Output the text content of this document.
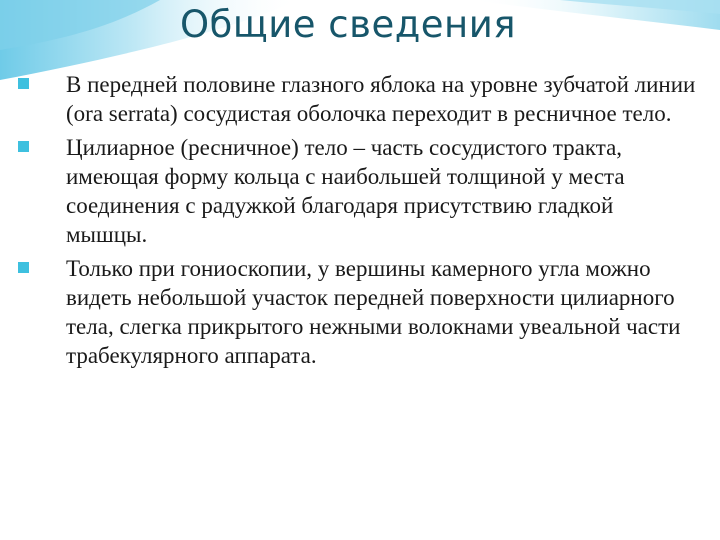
Общие сведения
В передней половине глазного яблока на уровне зубчатой линии (ora serrata) сосудистая оболочка переходит в ресничное тело.
Цилиарное (ресничное) тело – часть сосудистого тракта, имеющая форму кольца с наибольшей толщиной у места соединения с радужкой благодаря присутствию гладкой мышцы.
Только при гониоскопии, у вершины камерного угла можно видеть небольшой участок передней поверхности цилиарного тела, слегка прикрытого нежными волокнами увеальной части трабекулярного аппарата.
